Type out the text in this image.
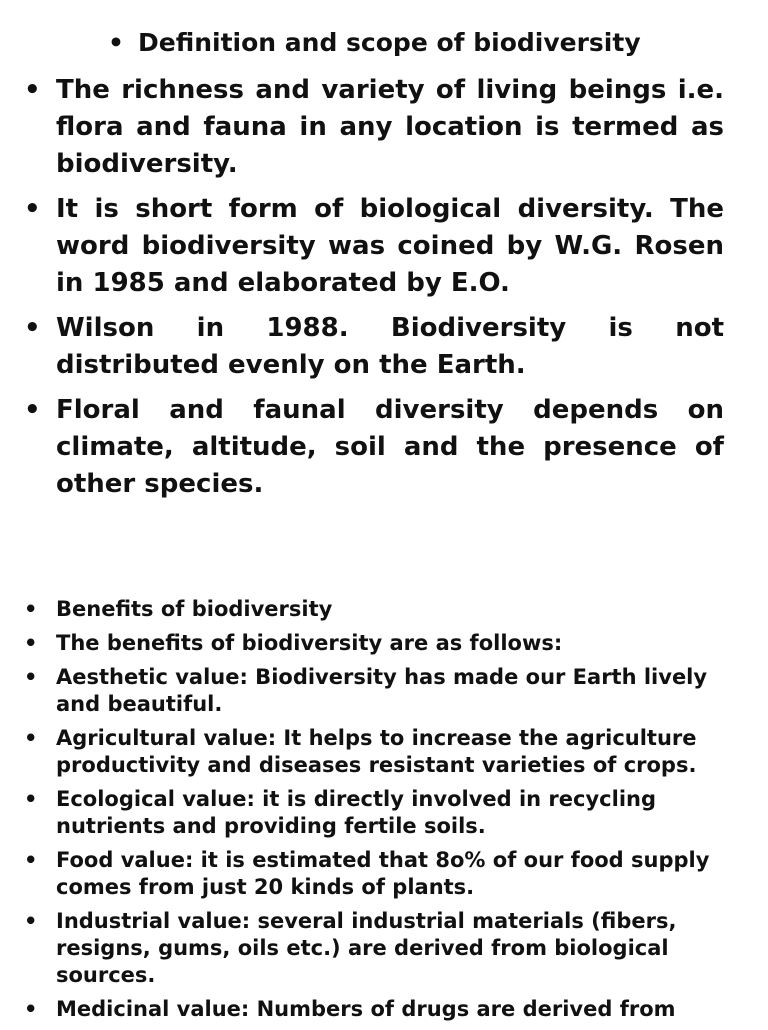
• Definition and scope of biodiversity
• The richness and variety of living beings i.e. flora and fauna in any location is termed as biodiversity.
• It is short form of biological diversity. The word biodiversity was coined by W.G. Rosen in 1985 and elaborated by E.O.
• Wilson in 1988. Biodiversity is not distributed evenly on the Earth.
• Floral and faunal diversity depends on climate, altitude, soil and the presence of other species.
• Benefits of biodiversity
• The benefits of biodiversity are as follows:
• Aesthetic value: Biodiversity has made our Earth lively and beautiful.
• Agricultural value: It helps to increase the agriculture productivity and diseases resistant varieties of crops.
• Ecological value: it is directly involved in recycling nutrients and providing fertile soils.
• Food value: it is estimated that 8o% of our food supply comes from just 20 kinds of plants.
• Industrial value: several industrial materials (fibers, resigns, gums, oils etc.) are derived from biological sources.
• Medicinal value: Numbers of drugs are derived from
